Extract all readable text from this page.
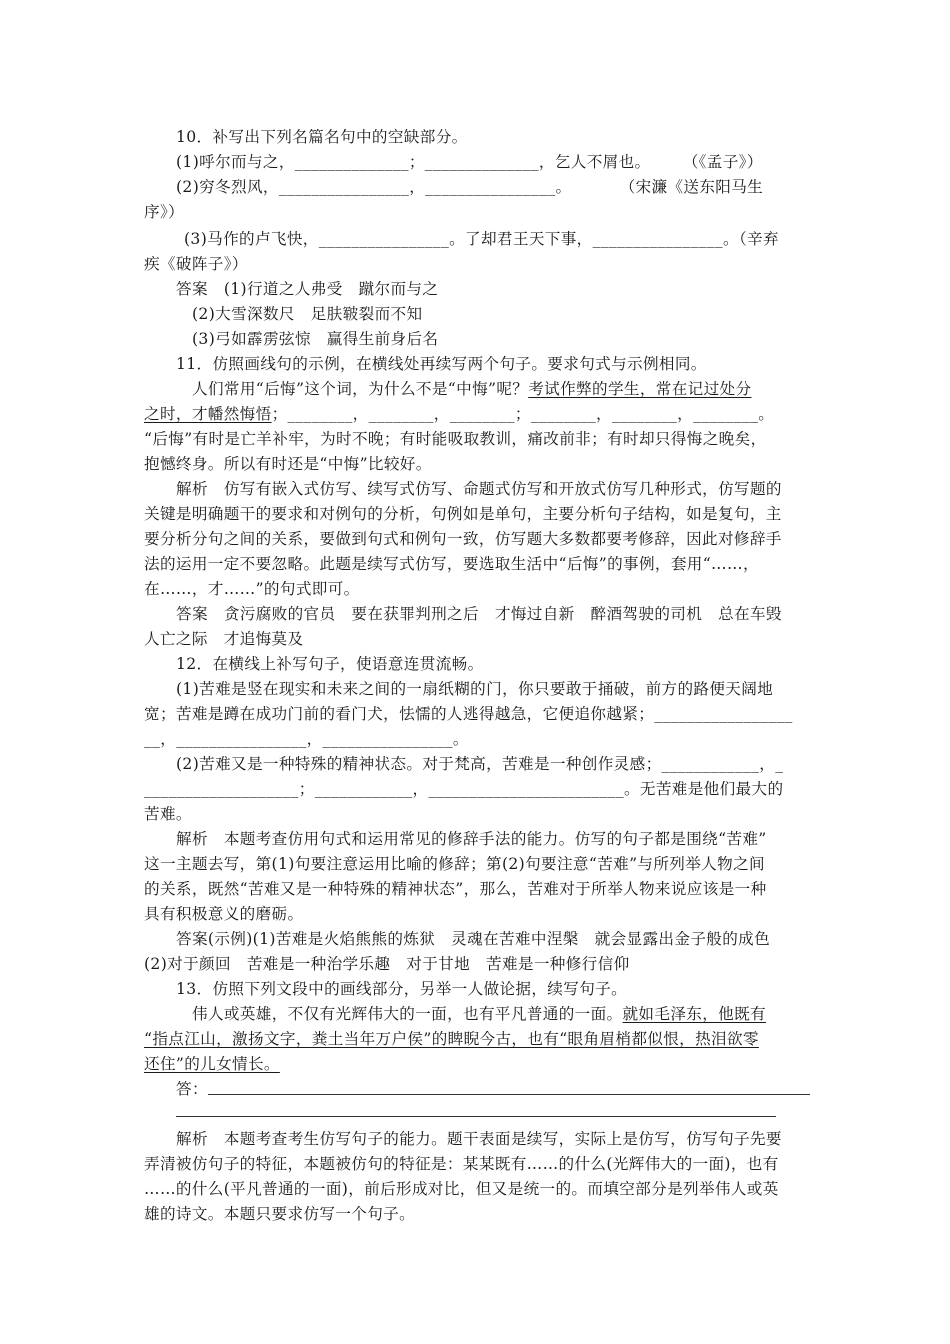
10．补写出下列名篇名句中的空缺部分。
(1)呼尔而与之，______________；______________，乞人不屑也。　　　（《孟子》）
(2)穷冬烈风，________________，________________。　　　　（宋濂《送东阳马生
序》）
(3)马作的卢飞快，________________。了却君王天下事，________________。（辛弃
疾《破阵子》）
答案　(1)行道之人弗受　蹴尔而与之
(2)大雪深数尺　足肤皲裂而不知
(3)弓如霹雳弦惊　赢得生前身后名
11．仿照画线句的示例，在横线处再续写两个句子。要求句式与示例相同。
人们常用“后悔”这个词，为什么不是“中悔”呢？考试作弊的学生，常在记过处分
之时，才幡然悔悟；________，________，________；________，________，________。
“后悔”有时是亡羊补牢，为时不晚；有时能吸取教训，痛改前非；有时却只得悔之晚矣，
抱憾终身。所以有时还是“中悔”比较好。
解析　仿写有嵌入式仿写、续写式仿写、命题式仿写和开放式仿写几种形式，仿写题的
关键是明确题干的要求和对例句的分析，句例如是单句，主要分析句子结构，如是复句，主
要分析分句之间的关系，要做到句式和例句一致，仿写题大多数都要考修辞，因此对修辞手
法的运用一定不要忽略。此题是续写式仿写，要选取生活中“后悔”的事例，套用“……，
在……，才……”的句式即可。
答案　贪污腐败的官员　要在获罪判刑之后　才悔过自新　醉酒驾驶的司机　总在车毁
人亡之际　才追悔莫及
12．在横线上补写句子，使语意连贯流畅。
(1)苦难是竖在现实和未来之间的一扇纸糊的门，你只要敢于捅破，前方的路便天阔地
宽；苦难是蹲在成功门前的看门犬，怯懦的人逃得越急，它便追你越紧；_________________
__，________________，________________。
(2)苦难又是一种特殊的精神状态。对于梵高，苦难是一种创作灵感；____________，_
___________________；____________，________________________。无苦难是他们最大的
苦难。
解析　本题考查仿用句式和运用常见的修辞手法的能力。仿写的句子都是围绕“苦难”
这一主题去写，第(1)句要注意运用比喻的修辞；第(2)句要注意“苦难”与所列举人物之间
的关系，既然“苦难又是一种特殊的精神状态”，那么，苦难对于所举人物来说应该是一种
具有积极意义的磨砺。
答案(示例)(1)苦难是火焰熊熊的炼狱　灵魂在苦难中涅槃　就会显露出金子般的成色
(2)对于颜回　苦难是一种治学乐趣　对于甘地　苦难是一种修行信仰
13．仿照下列文段中的画线部分，另举一人做论据，续写句子。
伟人或英雄，不仅有光辉伟大的一面，也有平凡普通的一面。就如毛泽东，他既有
“指点江山，激扬文字，粪土当年万户侯”的睥睨今古，也有“眼角眉梢都似恨，热泪欲零
还住”的儿女情长。
答：
解析　本题考查考生仿写句子的能力。题干表面是续写，实际上是仿写，仿写句子先要
弄清被仿句子的特征，本题被仿句的特征是：某某既有……的什么(光辉伟大的一面)，也有
……的什么(平凡普通的一面)，前后形成对比，但又是统一的。而填空部分是列举伟人或英
雄的诗文。本题只要求仿写一个句子。
